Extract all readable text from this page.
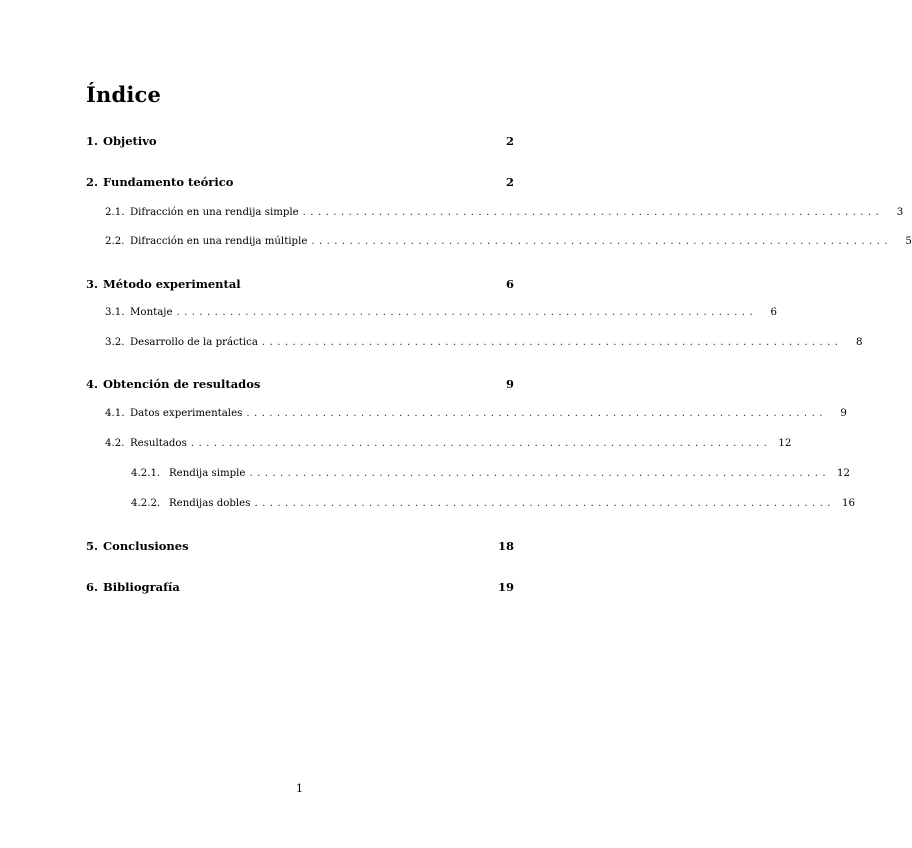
Índice
1. Objetivo	2
2. Fundamento teórico	2
2.1. Difracción en una rendija simple ............................................................................	3
2.2. Difracción en una rendija múltiple ............................................................................	5
3. Método experimental	6
3.1. Montaje ............................................................................	6
3.2. Desarrollo de la práctica ............................................................................	8
4. Obtención de resultados	9
4.1. Datos experimentales ............................................................................	9
4.2. Resultados ............................................................................ 12
4.2.1. Rendija simple ............................................................................ 12
4.2.2. Rendijas dobles ............................................................................ 16
5. Conclusiones	18
6. Bibliografía	19
1
